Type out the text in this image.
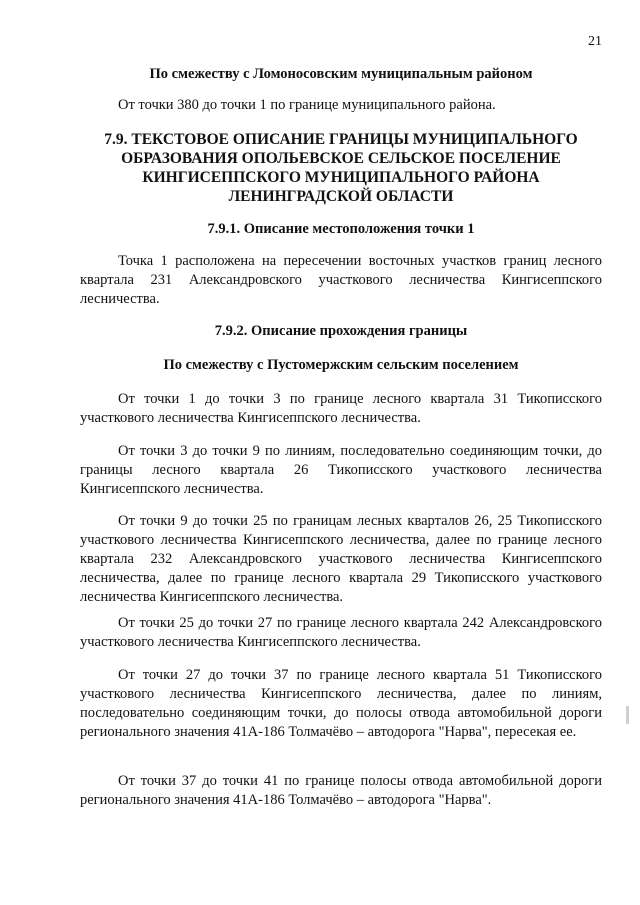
21
По смежеству с Ломоносовским муниципальным районом

От точки 380 до точки 1 по границе муниципального района.

7.9. ТЕКСТОВОЕ ОПИСАНИЕ ГРАНИЦЫ МУНИЦИПАЛЬНОГО ОБРАЗОВАНИЯ ОПОЛЬЕВСКОЕ СЕЛЬСКОЕ ПОСЕЛЕНИЕ КИНГИСЕППСКОГО МУНИЦИПАЛЬНОГО РАЙОНА ЛЕНИНГРАДСКОЙ ОБЛАСТИ
7.9.1. Описание местоположения точки 1

Точка 1 расположена на пересечении восточных участков границ лесного квартала 231 Александровского участкового лесничества Кингисеппского лесничества.

7.9.2. Описание прохождения границы
По смежеству с Пустомержским сельским поселением

От точки 1 до точки 3 по границе лесного квартала 31 Тикописского участкового лесничества Кингисеппского лесничества.

От точки 3 до точки 9 по линиям, последовательно соединяющим точки, до границы лесного квартала 26 Тикописского участкового лесничества Кингисеппского лесничества.

От точки 9 до точки 25 по границам лесных кварталов 26, 25 Тикописского участкового лесничества Кингисеппского лесничества, далее по границе лесного квартала 232 Александровского участкового лесничества Кингисеппского лесничества, далее по границе лесного квартала 29 Тикописского участкового лесничества Кингисеппского лесничества.

От точки 25 до точки 27 по границе лесного квартала 242 Александровского участкового лесничества Кингисеппского лесничества.

От точки 27 до точки 37 по границе лесного квартала 51 Тикописского участкового лесничества Кингисеппского лесничества, далее по линиям, последовательно соединяющим точки, до полосы отвода автомобильной дороги регионального значения 41А-186 Толмачёво – автодорога "Нарва", пересекая ее.

От точки 37 до точки 41 по границе полосы отвода автомобильной дороги регионального значения 41А-186 Толмачёво – автодорога "Нарва".
